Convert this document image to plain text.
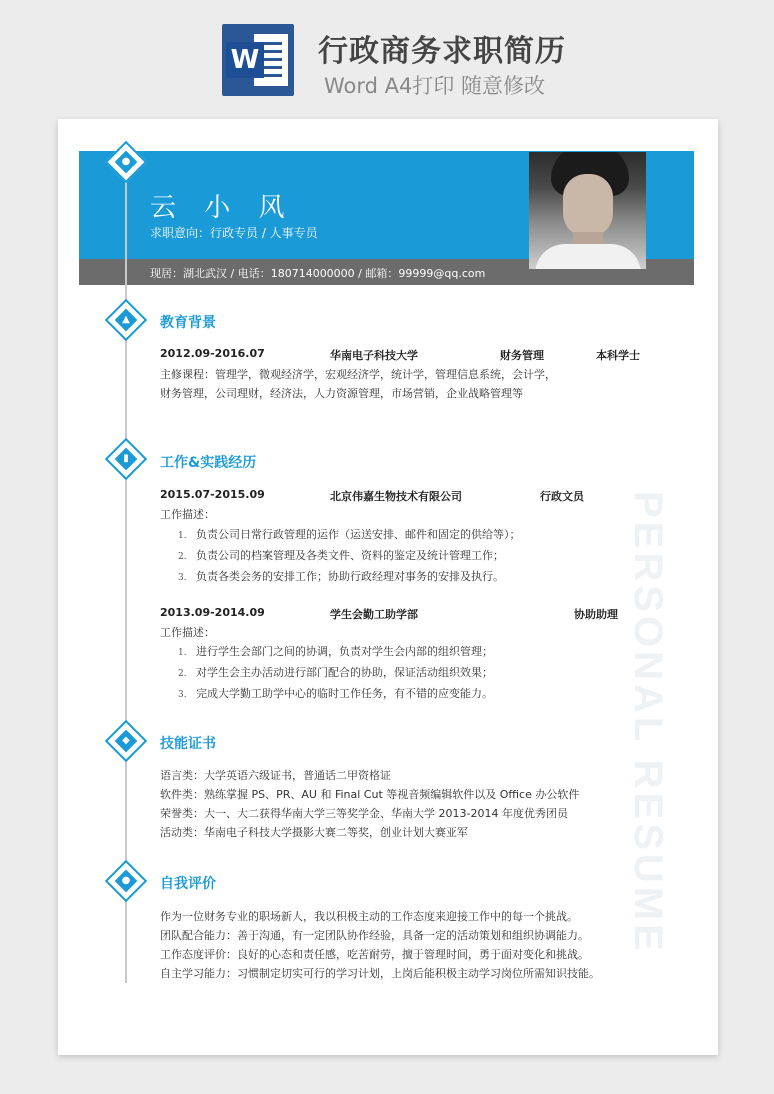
W 行政商务求职简历
Word A4打印 随意修改
PERSONAL RESUME
云 小 风
求职意向：行政专员 / 人事专员
现居：湖北武汉 / 电话：180714000000 / 邮箱：99999@qq.com
●
▲	教育背景
2012.09-2016.07	华南电子科技大学	财务管理	本科学士
主修课程：管理学，微观经济学，宏观经济学，统计学，管理信息系统，会计学，
财务管理，公司理财，经济法，人力资源管理，市场营销，企业战略管理等
▮	工作&实践经历
2015.07-2015.09	北京伟嘉生物技术有限公司	行政文员
工作描述：
1. 负责公司日常行政管理的运作（运送安排、邮件和固定的供给等）；
2. 负责公司的档案管理及各类文件、资料的鉴定及统计管理工作；
3. 负责各类会务的安排工作；协助行政经理对事务的安排及执行。
2013.09-2014.09	学生会勤工助学部	协助助理
工作描述：
1. 进行学生会部门之间的协调，负责对学生会内部的组织管理；
2. 对学生会主办活动进行部门配合的协助，保证活动组织效果；
3. 完成大学勤工助学中心的临时工作任务，有不错的应变能力。
◆	技能证书
语言类：大学英语六级证书，普通话二甲资格证
软件类：熟练掌握 PS、PR、AU 和 Final Cut 等视音频编辑软件以及 Office 办公软件
荣誉类：大一、大二获得华南大学三等奖学金、华南大学 2013-2014 年度优秀团员
活动类：华南电子科技大学摄影大赛二等奖，创业计划大赛亚军
●	自我评价
作为一位财务专业的职场新人，我以积极主动的工作态度来迎接工作中的每一个挑战。
团队配合能力：善于沟通，有一定团队协作经验，具备一定的活动策划和组织协调能力。
工作态度评价：良好的心态和责任感，吃苦耐劳，擅于管理时间，勇于面对变化和挑战。
自主学习能力：习惯制定切实可行的学习计划，上岗后能积极主动学习岗位所需知识技能。
